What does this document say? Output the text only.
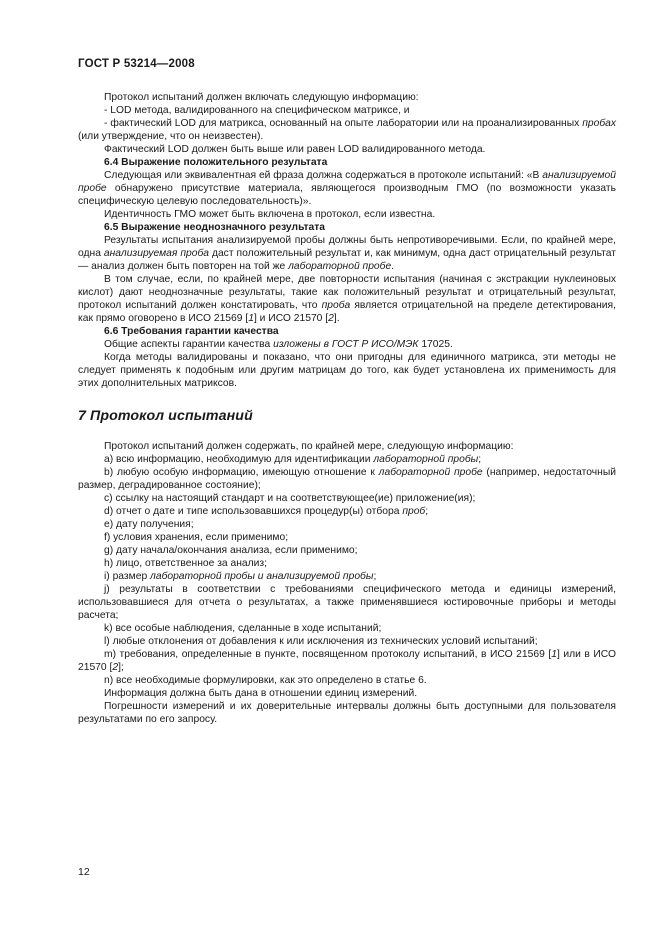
ГОСТ Р 53214—2008

Протокол испытаний должен включать следующую информацию:

- LOD метода, валидированного на специфическом матриксе, и

- фактический LOD для матрикса, основанный на опыте лаборатории или на проанализированных пробах (или утверждение, что он неизвестен).

Фактический LOD должен быть выше или равен LOD валидированного метода.

6.4 Выражение положительного результата

Следующая или эквивалентная ей фраза должна содержаться в протоколе испытаний: «В анализируемой пробе обнаружено присутствие материала, являющегося производным ГМО (по возможности указать специфическую целевую последовательность)».

Идентичность ГМО может быть включена в протокол, если известна.

6.5 Выражение неоднозначного результата

Результаты испытания анализируемой пробы должны быть непротиворечивыми. Если, по крайней мере, одна анализируемая проба даст положительный результат и, как минимум, одна даст отрицательный результат — анализ должен быть повторен на той же лабораторной пробе.

В том случае, если, по крайней мере, две повторности испытания (начиная с экстракции нуклеиновых кислот) дают неоднозначные результаты, такие как положительный результат и отрицательный результат, протокол испытаний должен констатировать, что проба является отрицательной на пределе детектирования, как прямо оговорено в ИСО 21569 [1] и ИСО 21570 [2].

6.6 Требования гарантии качества

Общие аспекты гарантии качества изложены в ГОСТ Р ИСО/МЭК 17025.

Когда методы валидированы и показано, что они пригодны для единичного матрикса, эти методы не следует применять к подобным или другим матрицам до того, как будет установлена их применимость для этих дополнительных матриксов.

7 Протокол испытаний

Протокол испытаний должен содержать, по крайней мере, следующую информацию:

а) всю информацию, необходимую для идентификации лабораторной пробы;

b) любую особую информацию, имеющую отношение к лабораторной пробе (например, недостаточный размер, деградированное состояние);

c) ссылку на настоящий стандарт и на соответствующее(ие) приложение(ия);

d) отчет о дате и типе использовавшихся процедур(ы) отбора проб;

e) дату получения;

f) условия хранения, если применимо;

g) дату начала/окончания анализа, если применимо;

h) лицо, ответственное за анализ;

i) размер лабораторной пробы и анализируемой пробы;

j) результаты в соответствии с требованиями специфического метода и единицы измерений, использовавшиеся для отчета о результатах, а также применявшиеся юстировочные приборы и методы расчета;

k) все особые наблюдения, сделанные в ходе испытаний;

l) любые отклонения от добавления к или исключения из технических условий испытаний;

m) требования, определенные в пункте, посвященном протоколу испытаний, в ИСО 21569 [1] или в ИСО 21570 [2];

n) все необходимые формулировки, как это определено в статье 6.

Информация должна быть дана в отношении единиц измерений.

Погрешности измерений и их доверительные интервалы должны быть доступными для пользователя результатами по его запросу.

12
